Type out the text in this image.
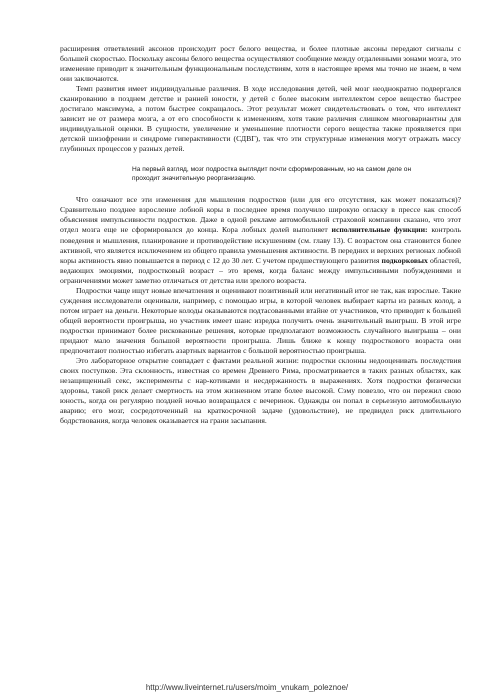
расширения ответвлений аксонов происходит рост белого вещества, и более плотные аксоны передают сигналы с большей скоростью. Поскольку аксоны белого вещества осуществляют сообщение между отдаленными зонами мозга, это изменение приводит к значительным функциональным последствиям, хотя в настоящее время мы точно не знаем, в чем они заключаются.

Темп развития имеет индивидуальные различия. В ходе исследования детей, чей мозг неоднократно подвергался сканированию в позднем детстве и ранней юности, у детей с более высоким интеллектом серое вещество быстрее достигало максимума, а потом быстрее сокращалось. Этот результат может свидетельствовать о том, что интеллект зависит не от размера мозга, а от его способности к изменениям, хотя такие различия слишком многовариантны для индивидуальной оценки. В сущности, увеличение и уменьшение плотности серого вещества также проявляется при детской шизофрении и синдроме гиперактивности (СДВГ), так что эти структурные изменения могут отражать массу глубинных процессов у разных детей.

На первый взгляд, мозг подростка выглядит почти сформированным, но на самом деле он проходит значительную реорганизацию.

Что означают все эти изменения для мышления подростков (или для его отсутствия, как может показаться)? Сравнительно позднее взросление лобной коры в последнее время получило широкую огласку в прессе как способ объяснения импульсивности подростков. Даже в одной рекламе автомобильной страховой компании сказано, что этот отдел мозга еще не сформировался до конца. Кора лобных долей выполняет исполнительные функции: контроль поведения и мышления, планирование и противодействие искушениям (см. главу 13). С возрастом она становится более активной, что является исключением из общего правила уменьшения активности. В передних и верхних регионах лобной коры активность явно повышается в период с 12 до 30 лет. С учетом предшествующего развития подкорковых областей, ведающих эмоциями, подростковый возраст – это время, когда баланс между импульсивными побуждениями и ограничениями может заметно отличаться от детства или зрелого возраста.

Подростки чаще ищут новые впечатления и оценивают позитивный или негативный итог не так, как взрослые. Такие суждения исследователи оценивали, например, с помощью игры, в которой человек выбирает карты из разных колод, а потом играет на деньги. Некоторые колоды оказываются подтасованными втайне от участников, что приводит к большей общей вероятности проигрыша, но участник имеет шанс изредка получить очень значительный выигрыш. В этой игре подростки принимают более рискованные решения, которые предполагают возможность случайного выигрыша – они придают мало значения большой вероятности проигрыша. Лишь ближе к концу подросткового возраста они предпочитают полностью избегать азартных вариантов с большой вероятностью проигрыша.

Это лабораторное открытие совпадает с фактами реальной жизни: подростки склонны недооценивать последствия своих поступков. Эта склонность, известная со времен Древнего Рима, просматривается в таких разных областях, как незащищенный секс, эксперименты с нар-котиками и несдержанность в выражениях. Хотя подростки физически здоровы, такой риск делает смертность на этом жизненном этапе более высокой. Сэму повезло, что он пережил свою юность, когда он регулярно поздней ночью возвращался с вечеринок. Однажды он попал в серьезную автомобильную аварию; его мозг, сосредоточенный на краткосрочной задаче (удовольствие), не предвидел риск длительного бодрствования, когда человек оказывается на грани засыпания.

http://www.liveinternet.ru/users/moim_vnukam_poleznoe/
